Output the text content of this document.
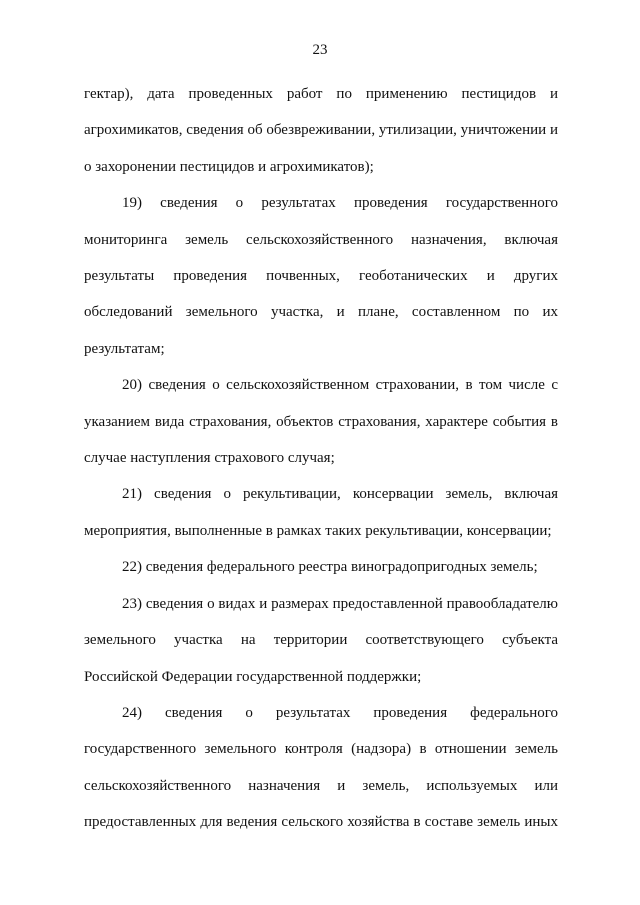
23

гектар), дата проведенных работ по применению пестицидов и агрохимикатов, сведения об обезвреживании, утилизации, уничтожении и о захоронении пестицидов и агрохимикатов);

19) сведения о результатах проведения государственного мониторинга земель сельскохозяйственного назначения, включая результаты проведения почвенных, геоботанических и других обследований земельного участка, и плане, составленном по их результатам;

20) сведения о сельскохозяйственном страховании, в том числе с указанием вида страхования, объектов страхования, характере события в случае наступления страхового случая;

21) сведения о рекультивации, консервации земель, включая мероприятия, выполненные в рамках таких рекультивации, консервации;

22) сведения федерального реестра виноградопригодных земель;

23) сведения о видах и размерах предоставленной правообладателю земельного участка на территории соответствующего субъекта Российской Федерации государственной поддержки;

24) сведения о результатах проведения федерального государственного земельного контроля (надзора) в отношении земель сельскохозяйственного назначения и земель, используемых или предоставленных для ведения сельского хозяйства в составе земель иных
